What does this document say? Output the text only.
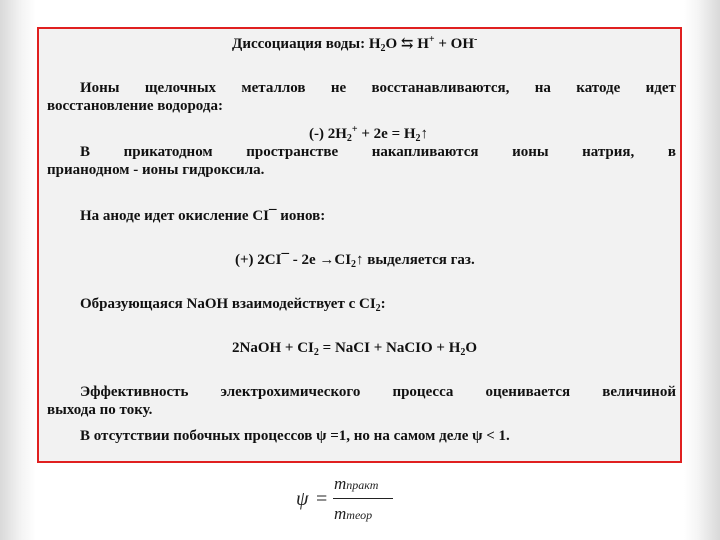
Диссоциация воды: $H_2O$ ⇆ H+ + OH-
Ионы щелочных металлов не восстанавливаются, на катоде идет
восстановление водорода:
(-) $2H_2^+ + 2e$ = $H_2↑$
В прикатодном пространстве накапливаются ионы натрия, в
прианодном - ионы гидроксила.
На аноде идет окисление CI¯ ионов:
(+) 2CI¯ - $2e \to CI_2↑$ выделяется газ.
Образующаяся NaOH взаимодействует с $CI_2$:
2NaOH + $CI_2$ = NaCI + NaCIO + $H_2O$
Эффективность электрохимического процесса оценивается величиной
выхода по току.
В отсутствии побочных процессов ψ =1, но на самом деле ψ < 1.
ψ =
mпракт
mтеор
